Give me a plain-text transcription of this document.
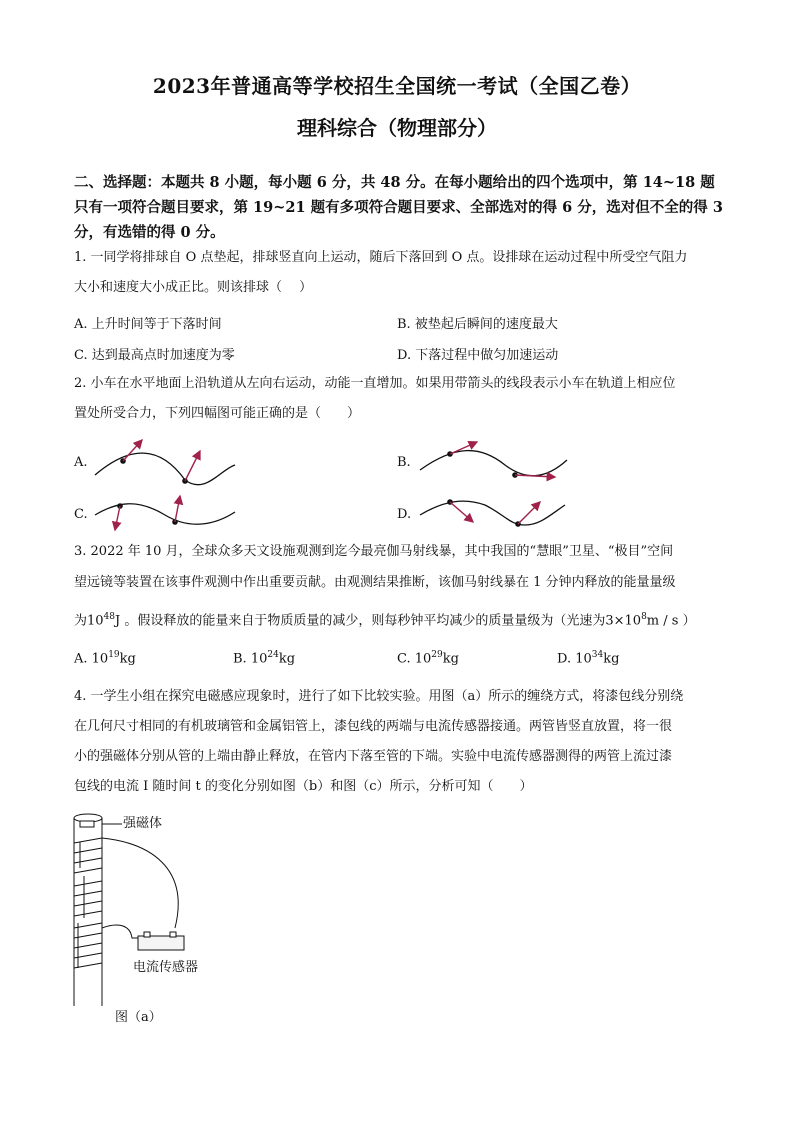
2023年普通高等学校招生全国统一考试（全国乙卷）
理科综合（物理部分）
二、选择题：本题共 8 小题，每小题 6 分，共 48 分。在每小题给出的四个选项中，第 14~18 题只有一项符合题目要求，第 19~21 题有多项符合题目要求、全部选对的得 6 分，选对但不全的得 3 分，有选错的得 0 分。
1. 一同学将排球自 O 点垫起，排球竖直向上运动，随后下落回到 O 点。设排球在运动过程中所受空气阻力
大小和速度大小成正比。则该排球（　 ）
A. 上升时间等于下落时间	B. 被垫起后瞬间的速度最大
C. 达到最高点时加速度为零	D. 下落过程中做匀加速运动
2. 小车在水平地面上沿轨道从左向右运动，动能一直增加。如果用带箭头的线段表示小车在轨道上相应位
置处所受合力，下列四幅图可能正确的是（　　）
A.	B.
C.	D.
3. 2022 年 10 月，全球众多天文设施观测到迄今最亮伽马射线暴，其中我国的“慧眼”卫星、“极目”空间
望远镜等装置在该事件观测中作出重要贡献。由观测结果推断，该伽马射线暴在 1 分钟内释放的能量量级
为$10^{48}J$ 。假设释放的能量来自于物质质量的减少，则每秒钟平均减少的质量量级为（光速为$3\times 10^8m / s$ ）
A. $10^{19}kg$	B. $10^{24}kg$	C. $10^{29}kg$	D. $10^{34}kg$
4. 一学生小组在探究电磁感应现象时，进行了如下比较实验。用图（a）所示的缠绕方式，将漆包线分别绕
在几何尺寸相同的有机玻璃管和金属铝管上，漆包线的两端与电流传感器接通。两管皆竖直放置，将一很
小的强磁体分别从管的上端由静止释放，在管内下落至管的下端。实验中电流传感器测得的两管上流过漆
包线的电流 I 随时间 t 的变化分别如图（b）和图（c）所示，分析可知（　　）
强磁体
电流传感器
图（a）
